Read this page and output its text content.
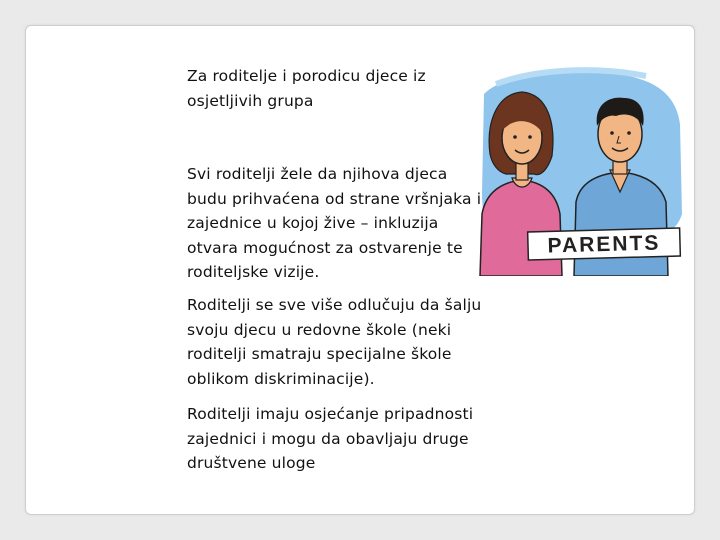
Za roditelje i porodicu djece iz
osjetljivih grupa

PARENTS

Svi roditelji žele da njihova djeca
budu prihvaćena od strane vršnjaka i
zajednice u kojoj žive – inkluzija
otvara mogućnost za ostvarenje te
roditeljske vizije.

Roditelji se sve više odlučuju da šalju
svoju djecu u redovne škole (neki
roditelji smatraju specijalne škole
oblikom diskriminacije).

Roditelji imaju osjećanje pripadnosti
zajednici i mogu da obavljaju druge
društvene uloge
